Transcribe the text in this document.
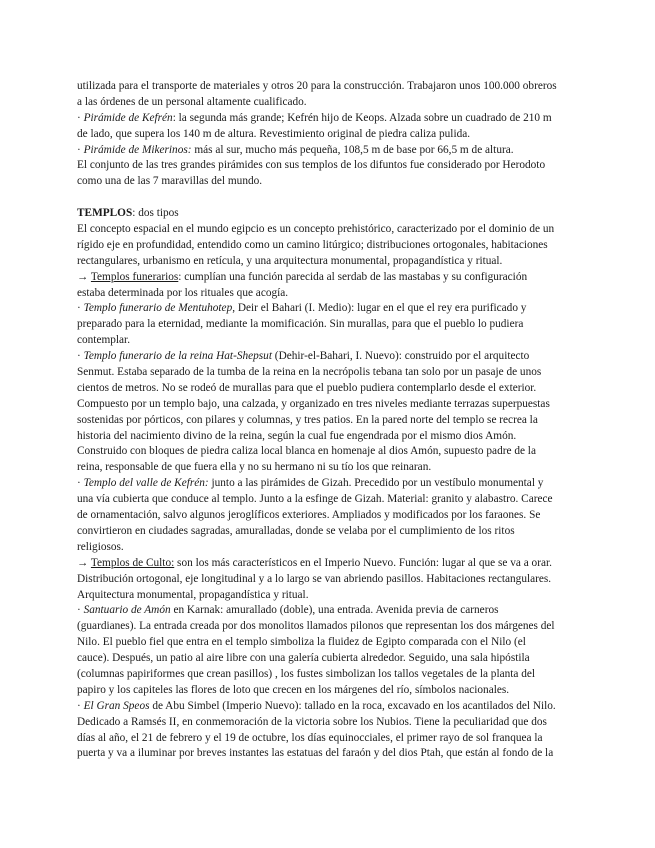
utilizada para el transporte de materiales y otros 20 para la construcción. Trabajaron unos 100.000 obreros
a las órdenes de un personal altamente cualificado.
· Pirámide de Kefrén: la segunda más grande; Kefrén hijo de Keops. Alzada sobre un cuadrado de 210 m
de lado, que supera los 140 m de altura. Revestimiento original de piedra caliza pulida.
· Pirámide de Mikerinos: más al sur, mucho más pequeña, 108,5 m de base por 66,5 m de altura.
El conjunto de las tres grandes pirámides con sus templos de los difuntos fue considerado por Herodoto
como una de las 7 maravillas del mundo.
TEMPLOS: dos tipos
El concepto espacial en el mundo egipcio es un concepto prehistórico, caracterizado por el dominio de un
rígido eje en profundidad, entendido como un camino litúrgico; distribuciones ortogonales, habitaciones
rectangulares, urbanismo en retícula, y una arquitectura monumental, propagandística y ritual.
→ Templos funerarios: cumplían una función parecida al serdab de las mastabas y su configuración
estaba determinada por los rituales que acogía.
· Templo funerario de Mentuhotep, Deir el Bahari (I. Medio): lugar en el que el rey era purificado y
preparado para la eternidad, mediante la momificación. Sin murallas, para que el pueblo lo pudiera
contemplar.
· Templo funerario de la reina Hat-Shepsut (Dehir-el-Bahari, I. Nuevo): construido por el arquitecto
Senmut. Estaba separado de la tumba de la reina en la necrópolis tebana tan solo por un pasaje de unos
cientos de metros. No se rodeó de murallas para que el pueblo pudiera contemplarlo desde el exterior.
Compuesto por un templo bajo, una calzada, y organizado en tres niveles mediante terrazas superpuestas
sostenidas por pórticos, con pilares y columnas, y tres patios. En la pared norte del templo se recrea la
historia del nacimiento divino de la reina, según la cual fue engendrada por el mismo dios Amón.
Construido con bloques de piedra caliza local blanca en homenaje al dios Amón, supuesto padre de la
reina, responsable de que fuera ella y no su hermano ni su tío los que reinaran.
· Templo del valle de Kefrén: junto a las pirámides de Gizah. Precedido por un vestíbulo monumental y
una vía cubierta que conduce al templo. Junto a la esfinge de Gizah. Material: granito y alabastro. Carece
de ornamentación, salvo algunos jeroglíficos exteriores. Ampliados y modificados por los faraones. Se
convirtieron en ciudades sagradas, amuralladas, donde se velaba por el cumplimiento de los ritos
religiosos.
→ Templos de Culto: son los más característicos en el Imperio Nuevo. Función: lugar al que se va a orar.
Distribución ortogonal, eje longitudinal y a lo largo se van abriendo pasillos. Habitaciones rectangulares.
Arquitectura monumental, propagandística y ritual.
· Santuario de Amón en Karnak: amurallado (doble), una entrada. Avenida previa de carneros
(guardianes). La entrada creada por dos monolitos llamados pilonos que representan los dos márgenes del
Nilo. El pueblo fiel que entra en el templo simboliza la fluidez de Egipto comparada con el Nilo (el
cauce). Después, un patio al aire libre con una galería cubierta alrededor. Seguido, una sala hipóstila
(columnas papiriformes que crean pasillos) , los fustes simbolizan los tallos vegetales de la planta del
papiro y los capiteles las flores de loto que crecen en los márgenes del río, símbolos nacionales.
· El Gran Speos de Abu Simbel (Imperio Nuevo): tallado en la roca, excavado en los acantilados del Nilo.
Dedicado a Ramsés II, en conmemoración de la victoria sobre los Nubios. Tiene la peculiaridad que dos
días al año, el 21 de febrero y el 19 de octubre, los días equinocciales, el primer rayo de sol franquea la
puerta y va a iluminar por breves instantes las estatuas del faraón y del dios Ptah, que están al fondo de la
